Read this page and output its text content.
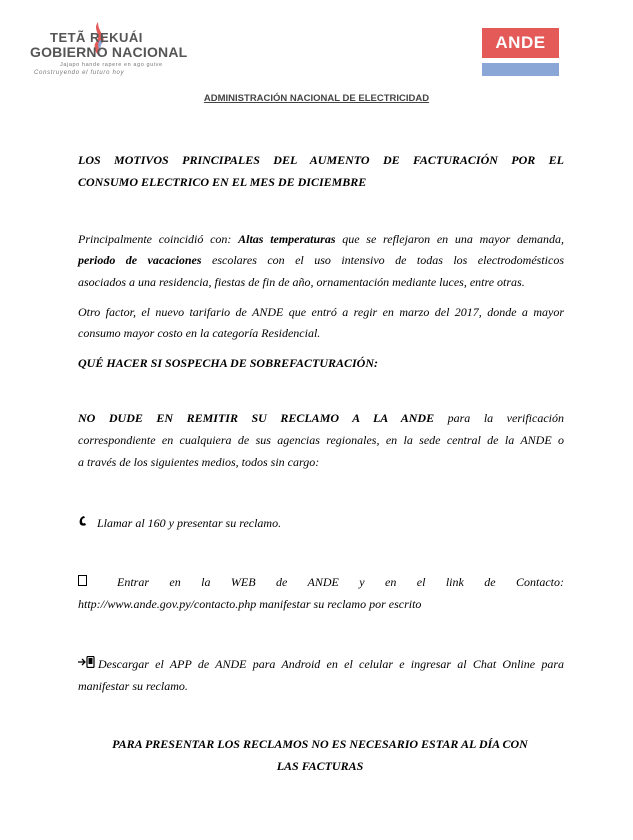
TETÃ REKUÁI
GOBIERNO NACIONAL
Jajapo hande rapere en ago guive
Construyendo el futuro hoy
ANDE
ADMINISTRACIÓN NACIONAL DE ELECTRICIDAD
LOS MOTIVOS PRINCIPALES DEL AUMENTO DE FACTURACIÓN POR EL
CONSUMO ELECTRICO EN EL MES DE DICIEMBRE
Principalmente coincidió con: Altas temperaturas que se reflejaron en una mayor demanda,
periodo de vacaciones escolares con el uso intensivo de todas los electrodomésticos
asociados a una residencia, fiestas de fin de año, ornamentación mediante luces, entre otras.
Otro factor, el nuevo tarifario de ANDE que entró a regir en marzo del 2017, donde a mayor
consumo mayor costo en la categoría Residencial.
QUÉ HACER SI SOSPECHA DE SOBREFACTURACIÓN:
NO DUDE EN REMITIR SU RECLAMO A LA ANDE para la verificación
correspondiente en cualquiera de sus agencias regionales, en la sede central de la ANDE o
a través de los siguientes medios, todos sin cargo:
Llamar al 160 y presentar su reclamo.
Entrar en la WEB de ANDE y en el link de Contacto:
http://www.ande.gov.py/contacto.php manifestar su reclamo por escrito
Descargar el APP de ANDE para Android en el celular e ingresar al Chat Online para
manifestar su reclamo.
PARA PRESENTAR LOS RECLAMOS NO ES NECESARIO ESTAR AL DÍA CON
LAS FACTURAS
